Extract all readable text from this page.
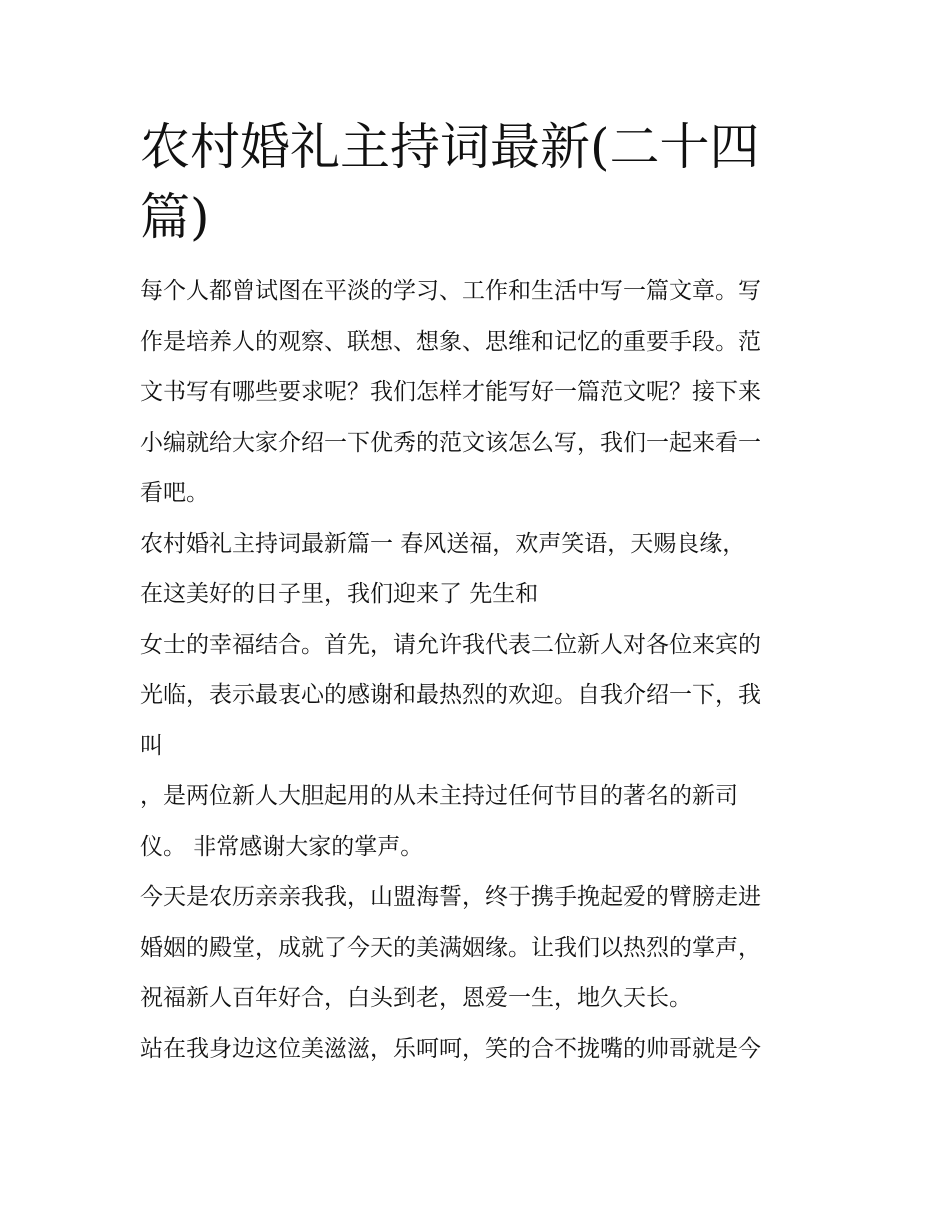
农村婚礼主持词最新(二十四
篇)
每个人都曾试图在平淡的学习、工作和生活中写一篇文章。写
作是培养人的观察、联想、想象、思维和记忆的重要手段。范
文书写有哪些要求呢？我们怎样才能写好一篇范文呢？接下来
小编就给大家介绍一下优秀的范文该怎么写，我们一起来看一
看吧。
农村婚礼主持词最新篇一 春风送福，欢声笑语，天赐良缘，
在这美好的日子里，我们迎来了 先生和
女士的幸福结合。首先，请允许我代表二位新人对各位来宾的
光临，表示最衷心的感谢和最热烈的欢迎。自我介绍一下，我
叫
，是两位新人大胆起用的从未主持过任何节目的著名的新司
仪。 非常感谢大家的掌声。
今天是农历亲亲我我，山盟海誓，终于携手挽起爱的臂膀走进
婚姻的殿堂，成就了今天的美满姻缘。让我们以热烈的掌声，
祝福新人百年好合，白头到老，恩爱一生，地久天长。
站在我身边这位美滋滋，乐呵呵，笑的合不拢嘴的帅哥就是今
